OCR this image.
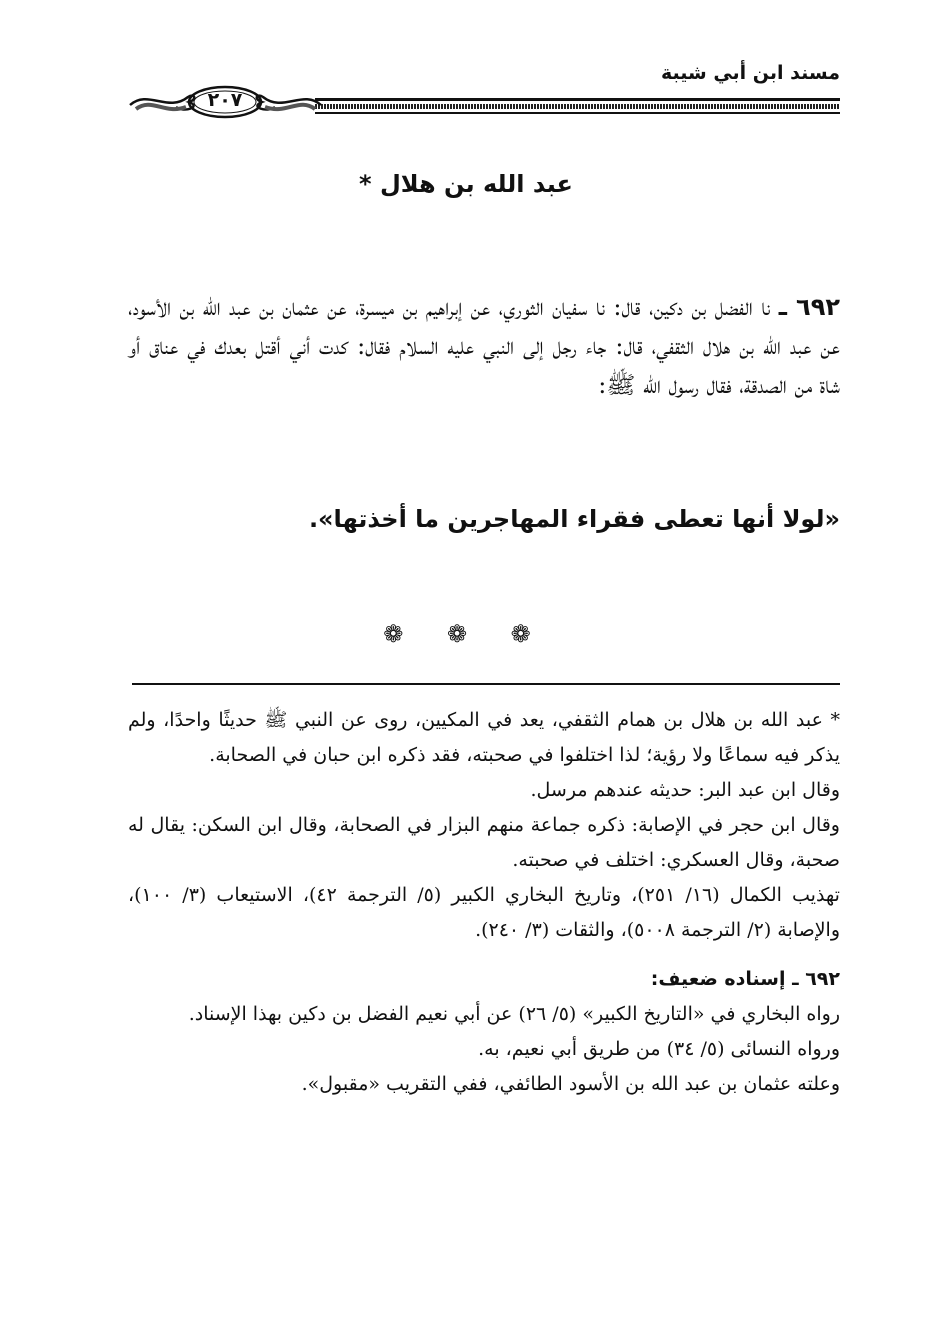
مسند ابن أبي شيبة
٢٠٧
عبد الله بن هلال *
٦٩٢ ـ نا الفضل بن دكين، قال: نا سفيان الثوري، عن إبراهيم بن ميسرة، عن عثمان بن عبد الله بن الأسود، عن عبد الله بن هلال الثقفي، قال: جاء رجل إلى النبي عليه السلام فقال: كدت أني أقتل بعدك في عناق أو شاة من الصدقة، فقال رسول الله ﷺ:
«لولا أنها تعطى فقراء المهاجرين ما أخذتها».
❁ ❁ ❁

* عبد الله بن هلال بن همام الثقفي، يعد في المكيين، روى عن النبي ﷺ حديثًا واحدًا، ولم يذكر فيه سماعًا ولا رؤية؛ لذا اختلفوا في صحبته، فقد ذكره ابن حبان في الصحابة.

وقال ابن عبد البر: حديثه عندهم مرسل.

وقال ابن حجر في الإصابة: ذكره جماعة منهم البزار في الصحابة، وقال ابن السكن: يقال له صحبة، وقال العسكري: اختلف في صحبته.

تهذيب الكمال (١٦/ ٢٥١)، وتاريخ البخاري الكبير (٥/ الترجمة ٤٢)، الاستيعاب (٣/ ١٠٠)، والإصابة (٢/ الترجمة ٥٠٠٨)، والثقات (٣/ ٢٤٠).

٦٩٢ ـ إسناده ضعيف:

رواه البخاري في «التاريخ الكبير» (٥/ ٢٦) عن أبي نعيم الفضل بن دكين بهذا الإسناد.

ورواه النسائى (٥/ ٣٤) من طريق أبي نعيم، به.

وعلته عثمان بن عبد الله بن الأسود الطائفي، ففي التقريب «مقبول».
